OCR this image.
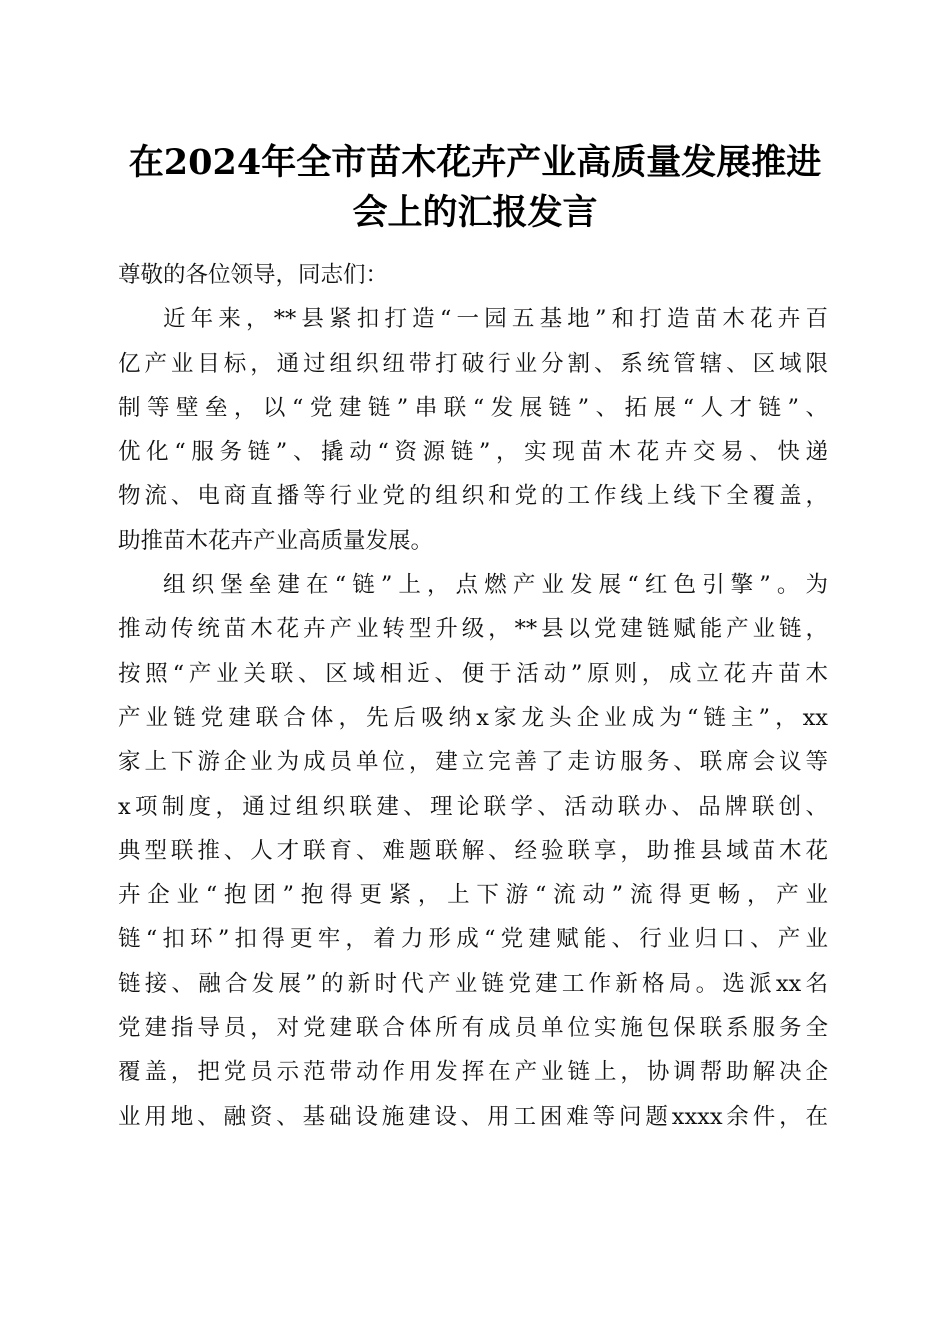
在2024年全市苗木花卉产业高质量发展推进
会上的汇报发言

尊敬的各位领导，同志们：

近年来，**县紧扣打造“一园五基地”和打造苗木花卉百
亿产业目标，通过组织纽带打破行业分割、系统管辖、区域限
制等壁垒，以“党建链”串联“发展链”、拓展“人才链”、
优化“服务链”、撬动“资源链”，实现苗木花卉交易、快递
物流、电商直播等行业党的组织和党的工作线上线下全覆盖，
助推苗木花卉产业高质量发展。
组织堡垒建在“链”上，点燃产业发展“红色引擎”。为
推动传统苗木花卉产业转型升级，**县以党建链赋能产业链，
按照“产业关联、区域相近、便于活动”原则，成立花卉苗木
产业链党建联合体，先后吸纳x家龙头企业成为“链主”，xx
家上下游企业为成员单位，建立完善了走访服务、联席会议等
x项制度，通过组织联建、理论联学、活动联办、品牌联创、
典型联推、人才联育、难题联解、经验联享，助推县域苗木花
卉企业“抱团”抱得更紧，上下游“流动”流得更畅，产业
链“扣环”扣得更牢，着力形成“党建赋能、行业归口、产业
链接、融合发展”的新时代产业链党建工作新格局。选派xx名
党建指导员，对党建联合体所有成员单位实施包保联系服务全
覆盖，把党员示范带动作用发挥在产业链上，协调帮助解决企
业用地、融资、基础设施建设、用工困难等问题xxxx余件，在
